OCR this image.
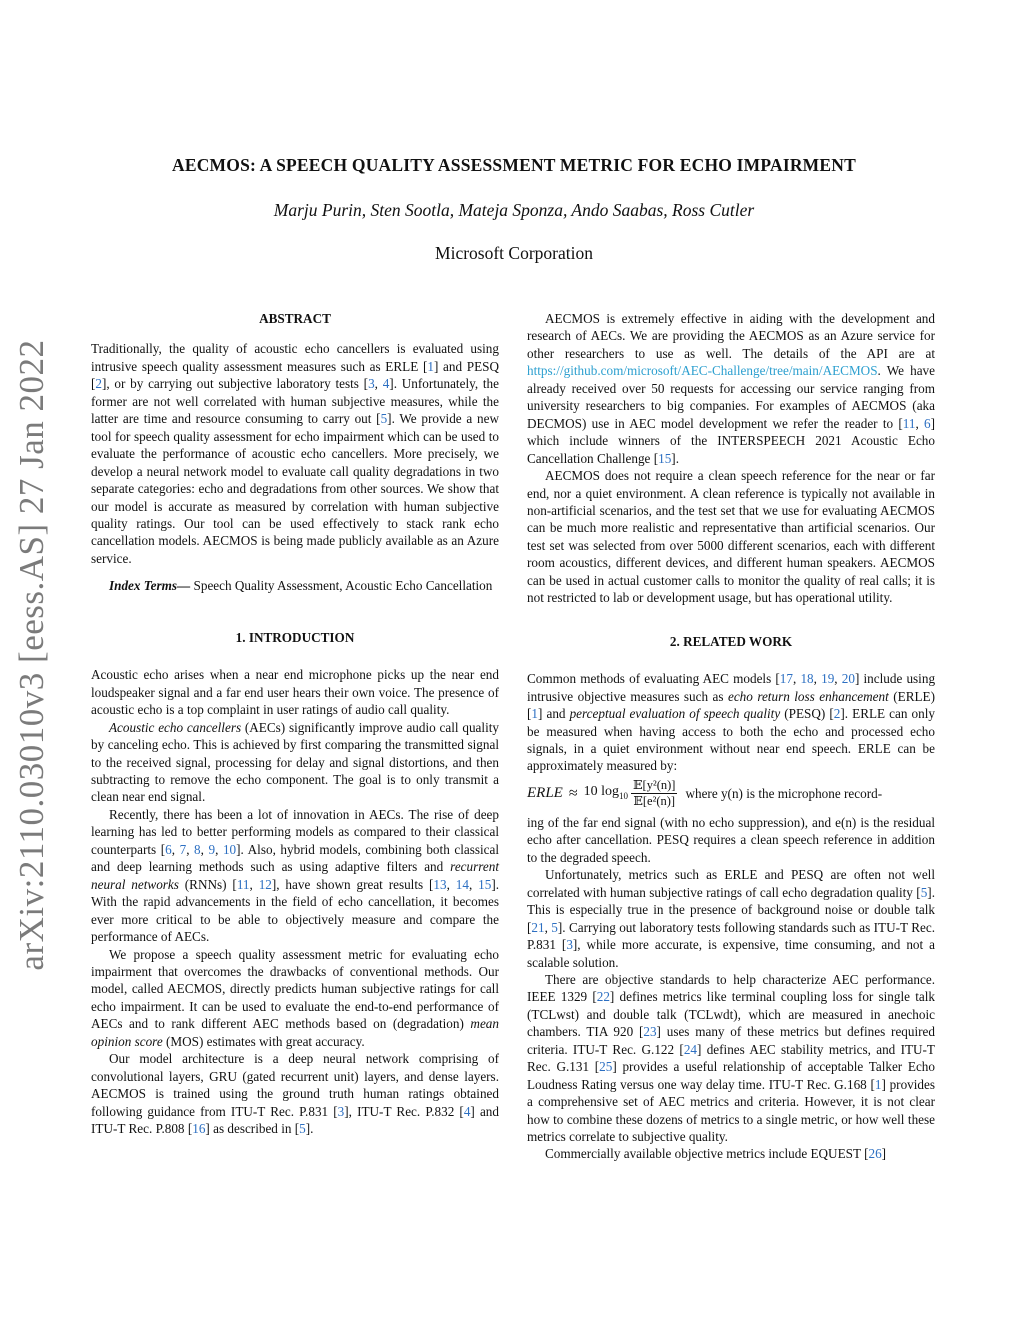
arXiv:2110.03010v3 [eess.AS] 27 Jan 2022
AECMOS: A SPEECH QUALITY ASSESSMENT METRIC FOR ECHO IMPAIRMENT
Marju Purin, Sten Sootla, Mateja Sponza, Ando Saabas, Ross Cutler
Microsoft Corporation
ABSTRACT

Traditionally, the quality of acoustic echo cancellers is evaluated using intrusive speech quality assessment measures such as ERLE [1] and PESQ [2], or by carrying out subjective laboratory tests [3, 4]. Unfortunately, the former are not well correlated with human subjective measures, while the latter are time and resource consuming to carry out [5]. We provide a new tool for speech quality assessment for echo impairment which can be used to evaluate the performance of acoustic echo cancellers. More precisely, we develop a neural network model to evaluate call quality degradations in two separate categories: echo and degradations from other sources. We show that our model is accurate as measured by correlation with human subjective quality ratings. Our tool can be used effectively to stack rank echo cancellation models. AECMOS is being made publicly available as an Azure service.

Index Terms— Speech Quality Assessment, Acoustic Echo Cancellation

1. INTRODUCTION

Acoustic echo arises when a near end microphone picks up the near end loudspeaker signal and a far end user hears their own voice. The presence of acoustic echo is a top complaint in user ratings of audio call quality.

Acoustic echo cancellers (AECs) significantly improve audio call quality by canceling echo. This is achieved by first comparing the transmitted signal to the received signal, processing for delay and signal distortions, and then subtracting to remove the echo component. The goal is to only transmit a clean near end signal.

Recently, there has been a lot of innovation in AECs. The rise of deep learning has led to better performing models as compared to their classical counterparts [6, 7, 8, 9, 10]. Also, hybrid models, combining both classical and deep learning methods such as using adaptive filters and recurrent neural networks (RNNs) [11, 12], have shown great results [13, 14, 15]. With the rapid advancements in the field of echo cancellation, it becomes ever more critical to be able to objectively measure and compare the performance of AECs.

We propose a speech quality assessment metric for evaluating echo impairment that overcomes the drawbacks of conventional methods. Our model, called AECMOS, directly predicts human subjective ratings for call echo impairment. It can be used to evaluate the end-to-end performance of AECs and to rank different AEC methods based on (degradation) mean opinion score (MOS) estimates with great accuracy.

Our model architecture is a deep neural network comprising of convolutional layers, GRU (gated recurrent unit) layers, and dense layers. AECMOS is trained using the ground truth human ratings obtained following guidance from ITU-T Rec. P.831 [3], ITU-T Rec. P.832 [4] and ITU-T Rec. P.808 [16] as described in [5].

AECMOS is extremely effective in aiding with the development and research of AECs. We are providing the AECMOS as an Azure service for other researchers to use as well. The details of the API are at https://github.com/microsoft/AEC-Challenge/tree/main/AECMOS. We have already received over 50 requests for accessing our service ranging from university researchers to big companies. For examples of AECMOS (aka DECMOS) use in AEC model development we refer the reader to [11, 6] which include winners of the INTERSPEECH 2021 Acoustic Echo Cancellation Challenge [15].

AECMOS does not require a clean speech reference for the near or far end, nor a quiet environment. A clean reference is typically not available in non-artificial scenarios, and the test set that we use for evaluating AECMOS can be much more realistic and representative than artificial scenarios. Our test set was selected from over 5000 different scenarios, each with different room acoustics, different devices, and different human speakers. AECMOS can be used in actual customer calls to monitor the quality of real calls; it is not restricted to lab or development usage, but has operational utility.

2. RELATED WORK

Common methods of evaluating AEC models [17, 18, 19, 20] include using intrusive objective measures such as echo return loss enhancement (ERLE) [1] and perceptual evaluation of speech quality (PESQ) [2]. ERLE can only be measured when having access to both the echo and processed echo signals, in a quiet environment without near end speech. ERLE can be approximately measured by:

ERLE ≈ 10 $\log_{10} \frac{\text{𝔼[y²(n)]}}{\text{𝔼[e²(n)]}}$ where y(n) is the microphone record-

ing of the far end signal (with no echo suppression), and e(n) is the residual echo after cancellation. PESQ requires a clean speech reference in addition to the degraded speech.

Unfortunately, metrics such as ERLE and PESQ are often not well correlated with human subjective ratings of call echo degradation quality [5]. This is especially true in the presence of background noise or double talk [21, 5]. Carrying out laboratory tests following standards such as ITU-T Rec. P.831 [3], while more accurate, is expensive, time consuming, and not a scalable solution.

There are objective standards to help characterize AEC performance. IEEE 1329 [22] defines metrics like terminal coupling loss for single talk (TCLwst) and double talk (TCLwdt), which are measured in anechoic chambers. TIA 920 [23] uses many of these metrics but defines required criteria. ITU-T Rec. G.122 [24] defines AEC stability metrics, and ITU-T Rec. G.131 [25] provides a useful relationship of acceptable Talker Echo Loudness Rating versus one way delay time. ITU-T Rec. G.168 [1] provides a comprehensive set of AEC metrics and criteria. However, it is not clear how to combine these dozens of metrics to a single metric, or how well these metrics correlate to subjective quality.

Commercially available objective metrics include EQUEST [26]
